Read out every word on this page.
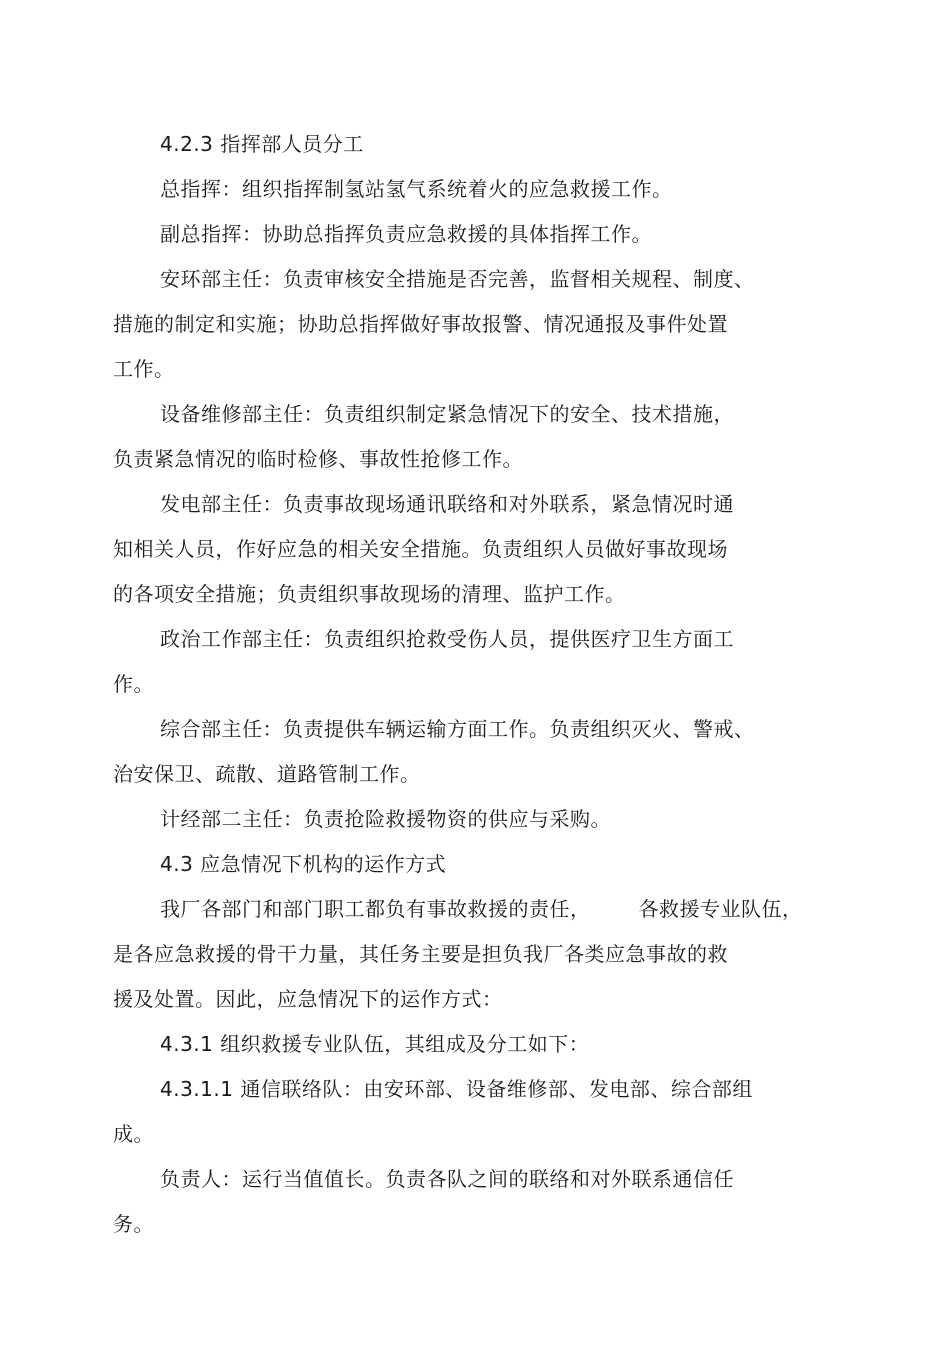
4.2.3 指挥部人员分工
总指挥：组织指挥制氢站氢气系统着火的应急救援工作。
副总指挥：协助总指挥负责应急救援的具体指挥工作。
安环部主任：负责审核安全措施是否完善，监督相关规程、制度、
措施的制定和实施；协助总指挥做好事故报警、情况通报及事件处置
工作。
设备维修部主任：负责组织制定紧急情况下的安全、技术措施，
负责紧急情况的临时检修、事故性抢修工作。
发电部主任：负责事故现场通讯联络和对外联系，紧急情况时通
知相关人员，作好应急的相关安全措施。负责组织人员做好事故现场
的各项安全措施；负责组织事故现场的清理、监护工作。
政治工作部主任：负责组织抢救受伤人员，提供医疗卫生方面工
作。
综合部主任：负责提供车辆运输方面工作。负责组织灭火、警戒、
治安保卫、疏散、道路管制工作。
计经部二主任：负责抢险救援物资的供应与采购。
4.3 应急情况下机构的运作方式
我厂各部门和部门职工都负有事故救援的责任， 各救援专业队伍，
是各应急救援的骨干力量，其任务主要是担负我厂各类应急事故的救
援及处置。因此，应急情况下的运作方式：
4.3.1 组织救援专业队伍，其组成及分工如下：
4.3.1.1 通信联络队：由安环部、设备维修部、发电部、综合部组
成。
负责人：运行当值值长。负责各队之间的联络和对外联系通信任
务。
